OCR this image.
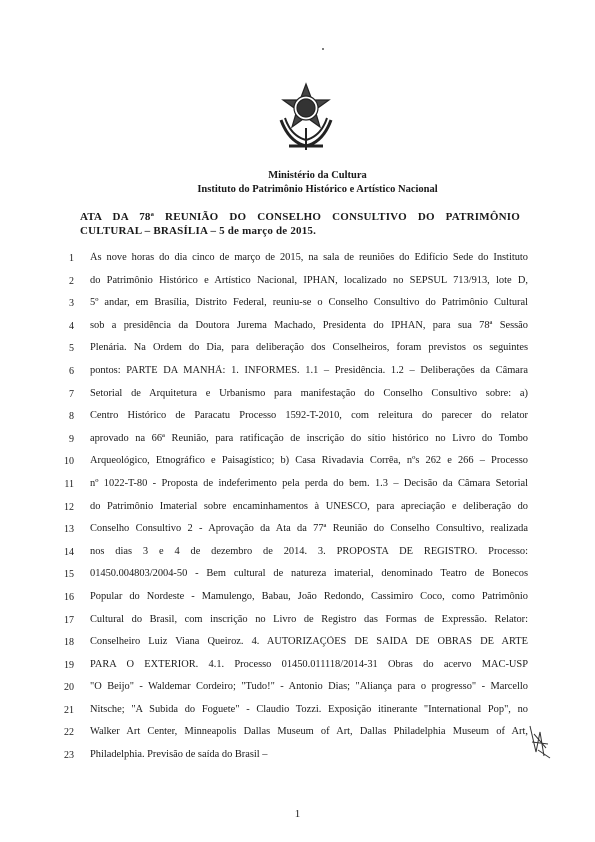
Ministério da Cultura
Instituto do Patrimônio Histórico e Artístico Nacional
ATA DA 78ª REUNIÃO DO CONSELHO CONSULTIVO DO PATRIMÔNIO CULTURAL – BRASÍLIA – 5 de março de 2015.
1 Às nove horas do dia cinco de março de 2015, na sala de reuniões do Edifício Sede do Instituto
2 do Patrimônio Histórico e Artístico Nacional, IPHAN, localizado no SEPSUL 713/913, lote D,
3 5º andar, em Brasília, Distrito Federal, reuniu-se o Conselho Consultivo do Patrimônio Cultural
4 sob a presidência da Doutora Jurema Machado, Presidenta do IPHAN, para sua 78ª Sessão
5 Plenária. Na Ordem do Dia, para deliberação dos Conselheiros, foram previstos os seguintes
6 pontos: PARTE DA MANHÃ: 1. INFORMES. 1.1 – Presidência. 1.2 – Deliberações da Câmara
7 Setorial de Arquitetura e Urbanismo para manifestação do Conselho Consultivo sobre: a)
8 Centro Histórico de Paracatu Processo 1592-T-2010, com releitura do parecer do relator
9 aprovado na 66ª Reunião, para ratificação de inscrição do sítio histórico no Livro do Tombo
10 Arqueológico, Etnográfico e Paisagístico; b) Casa Rivadavia Corrêa, nºs 262 e 266 – Processo
11 nº 1022-T-80 - Proposta de indeferimento pela perda do bem. 1.3 – Decisão da Câmara Setorial
12 do Patrimônio Imaterial sobre encaminhamentos à UNESCO, para apreciação e deliberação do
13 Conselho Consultivo 2 - Aprovação da Ata da 77ª Reunião do Conselho Consultivo, realizada
14 nos dias 3 e 4 de dezembro de 2014. 3. PROPOSTA DE REGISTRO. Processo:
15 01450.004803/2004-50 - Bem cultural de natureza imaterial, denominado Teatro de Bonecos
16 Popular do Nordeste - Mamulengo, Babau, João Redondo, Cassimiro Coco, como Patrimônio
17 Cultural do Brasil, com inscrição no Livro de Registro das Formas de Expressão. Relator:
18 Conselheiro Luiz Viana Queiroz. 4. AUTORIZAÇÕES DE SAÍDA DE OBRAS DE ARTE
19 PARA O EXTERIOR. 4.1. Processo 01450.011118/2014-31 Obras do acervo MAC-USP
20 "O Beijo" - Waldemar Cordeiro; "Tudo!" - Antonio Dias; "Aliança para o progresso" - Marcello
21 Nitsche; "A Subida do Foguete" - Claudio Tozzi. Exposição itinerante "International Pop", no
22 Walker Art Center, Minneapolis Dallas Museum of Art, Dallas Philadelphia Museum of Art,
23 Philadelphia. Previsão de saída do Brasil –
1
